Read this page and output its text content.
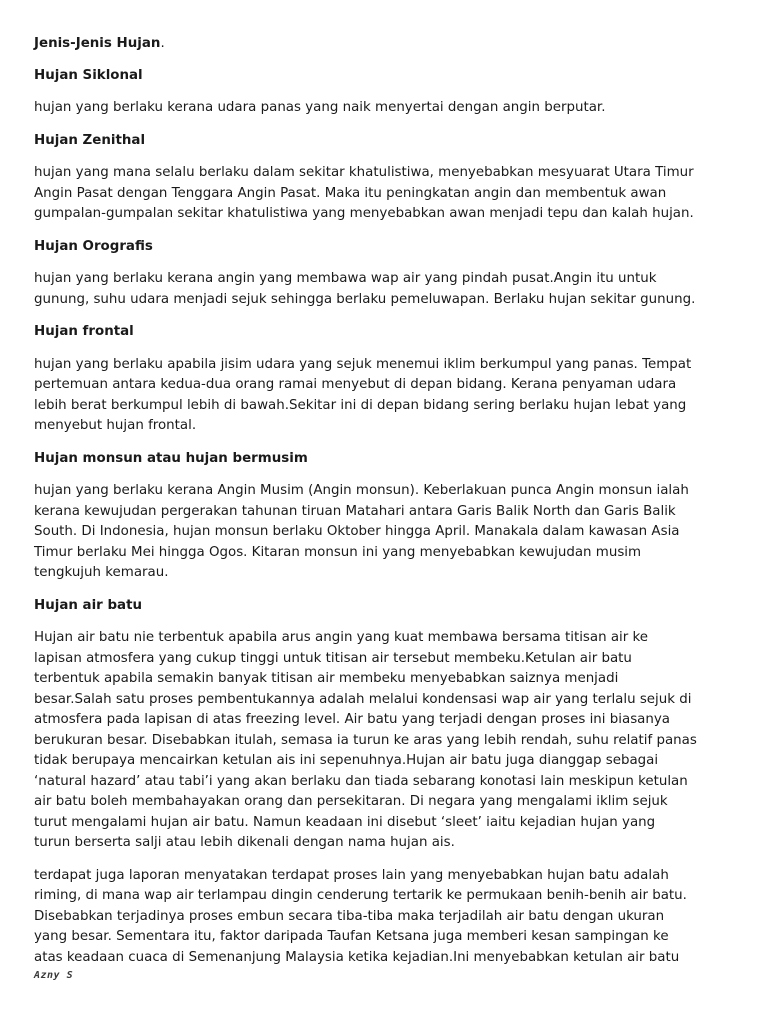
Jenis-Jenis Hujan.
Hujan Siklonal
hujan yang berlaku kerana udara panas yang naik menyertai dengan angin berputar.
Hujan Zenithal
hujan yang mana selalu berlaku dalam sekitar khatulistiwa, menyebabkan mesyuarat Utara Timur
Angin Pasat dengan Tenggara Angin Pasat. Maka itu peningkatan angin dan membentuk awan
gumpalan-gumpalan sekitar khatulistiwa yang menyebabkan awan menjadi tepu dan kalah hujan.
Hujan Orografis
hujan yang berlaku kerana angin yang membawa wap air yang pindah pusat.Angin itu untuk
gunung, suhu udara menjadi sejuk sehingga berlaku pemeluwapan. Berlaku hujan sekitar gunung.
Hujan frontal
hujan yang berlaku apabila jisim udara yang sejuk menemui iklim berkumpul yang panas. Tempat
pertemuan antara kedua-dua orang ramai menyebut di depan bidang. Kerana penyaman udara
lebih berat berkumpul lebih di bawah.Sekitar ini di depan bidang sering berlaku hujan lebat yang
menyebut hujan frontal.
Hujan monsun atau hujan bermusim
hujan yang berlaku kerana Angin Musim (Angin monsun). Keberlakuan punca Angin monsun ialah
kerana kewujudan pergerakan tahunan tiruan Matahari antara Garis Balik North dan Garis Balik
South. Di Indonesia, hujan monsun berlaku Oktober hingga April. Manakala dalam kawasan Asia
Timur berlaku Mei hingga Ogos. Kitaran monsun ini yang menyebabkan kewujudan musim
tengkujuh kemarau.
Hujan air batu
Hujan air batu nie terbentuk apabila arus angin yang kuat membawa bersama titisan air ke
lapisan atmosfera yang cukup tinggi untuk titisan air tersebut membeku.Ketulan air batu
terbentuk apabila semakin banyak titisan air membeku menyebabkan saiznya menjadi
besar.Salah satu proses pembentukannya adalah melalui kondensasi wap air yang terlalu sejuk di
atmosfera pada lapisan di atas freezing level. Air batu yang terjadi dengan proses ini biasanya
berukuran besar. Disebabkan itulah, semasa ia turun ke aras yang lebih rendah, suhu relatif panas
tidak berupaya mencairkan ketulan ais ini sepenuhnya.Hujan air batu juga dianggap sebagai
‘natural hazard’ atau tabi’i yang akan berlaku dan tiada sebarang konotasi lain meskipun ketulan
air batu boleh membahayakan orang dan persekitaran. Di negara yang mengalami iklim sejuk
turut mengalami hujan air batu. Namun keadaan ini disebut ‘sleet’ iaitu kejadian hujan yang
turun berserta salji atau lebih dikenali dengan nama hujan ais.
terdapat juga laporan menyatakan terdapat proses lain yang menyebabkan hujan batu adalah
riming, di mana wap air terlampau dingin cenderung tertarik ke permukaan benih-benih air batu.
Disebabkan terjadinya proses embun secara tiba-tiba maka terjadilah air batu dengan ukuran
yang besar. Sementara itu, faktor daripada Taufan Ketsana juga memberi kesan sampingan ke
atas keadaan cuaca di Semenanjung Malaysia ketika kejadian.Ini menyebabkan ketulan air batu
Azny S
